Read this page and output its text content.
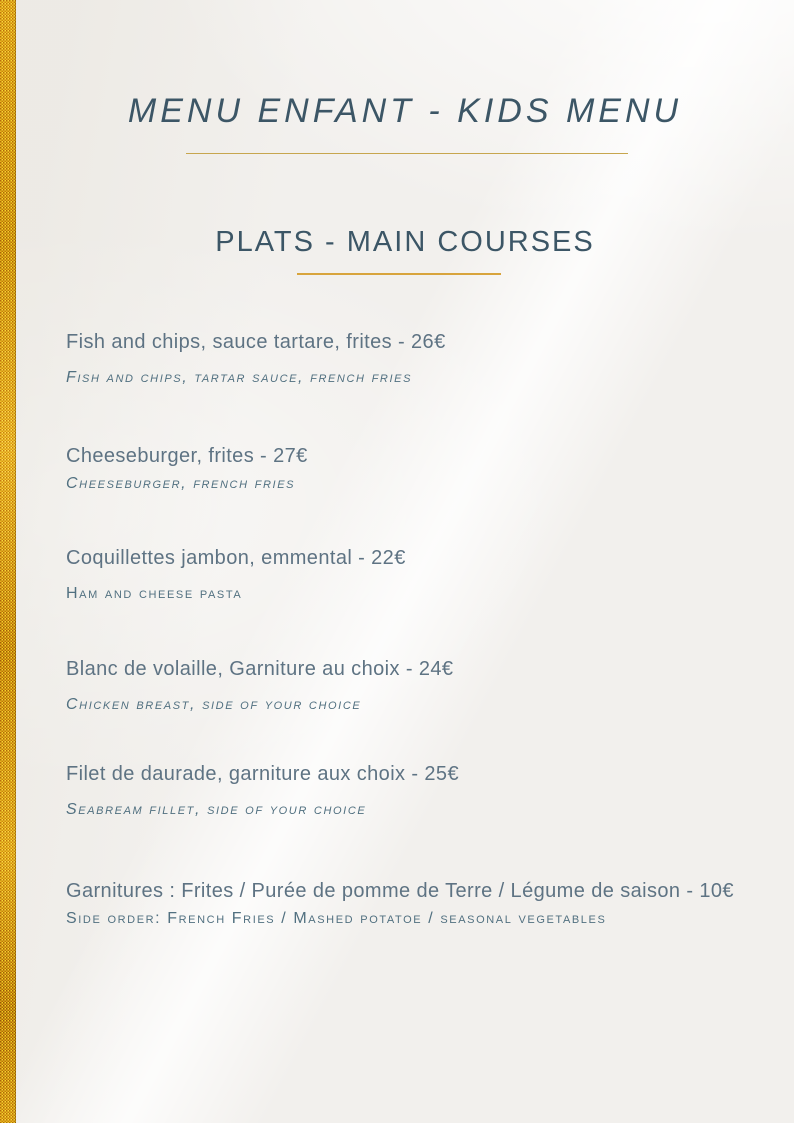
MENU ENFANT - KIDS MENU
PLATS - MAIN COURSES
Fish and chips, sauce tartare, frites - 26€
Fish and chips, tartar sauce, french fries
Cheeseburger, frites - 27€
Cheeseburger, french fries
Coquillettes jambon, emmental - 22€
Ham and cheese pasta
Blanc de volaille, Garniture au choix - 24€
Chicken breast, side of your choice
Filet de daurade, garniture aux choix - 25€
Seabream fillet, side of your choice
Garnitures : Frites / Purée de pomme de Terre / Légume de saison - 10€
Side order: French Fries / Mashed potatoe / seasonal vegetables
